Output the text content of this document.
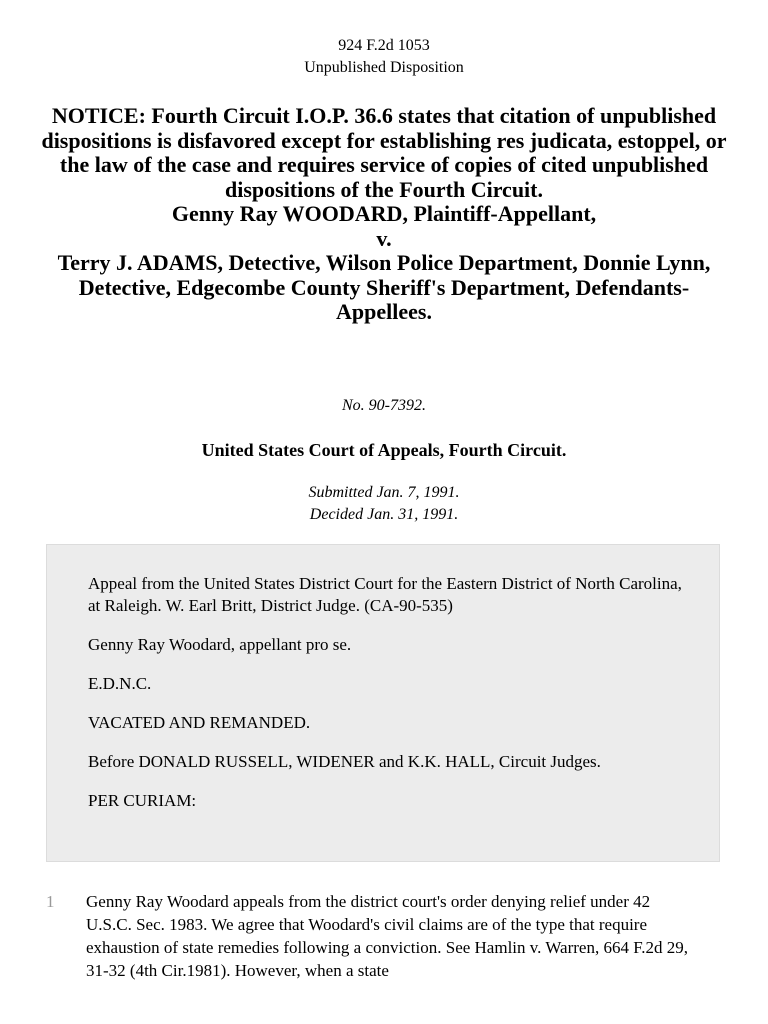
924 F.2d 1053
Unpublished Disposition
NOTICE: Fourth Circuit I.O.P. 36.6 states that citation of unpublished dispositions is disfavored except for establishing res judicata, estoppel, or the law of the case and requires service of copies of cited unpublished dispositions of the Fourth Circuit.
Genny Ray WOODARD, Plaintiff-Appellant,
v.
Terry J. ADAMS, Detective, Wilson Police Department, Donnie Lynn, Detective, Edgecombe County Sheriff's Department, Defendants-Appellees.
No. 90-7392.
United States Court of Appeals, Fourth Circuit.
Submitted Jan. 7, 1991.
Decided Jan. 31, 1991.

Appeal from the United States District Court for the Eastern District of North Carolina, at Raleigh. W. Earl Britt, District Judge. (CA-90-535)

Genny Ray Woodard, appellant pro se.

E.D.N.C.

VACATED AND REMANDED.

Before DONALD RUSSELL, WIDENER and K.K. HALL, Circuit Judges.

PER CURIAM:

1 Genny Ray Woodard appeals from the district court's order denying relief under 42 U.S.C. Sec. 1983. We agree that Woodard's civil claims are of the type that require exhaustion of state remedies following a conviction. See Hamlin v. Warren, 664 F.2d 29, 31-32 (4th Cir.1981). However, when a state
